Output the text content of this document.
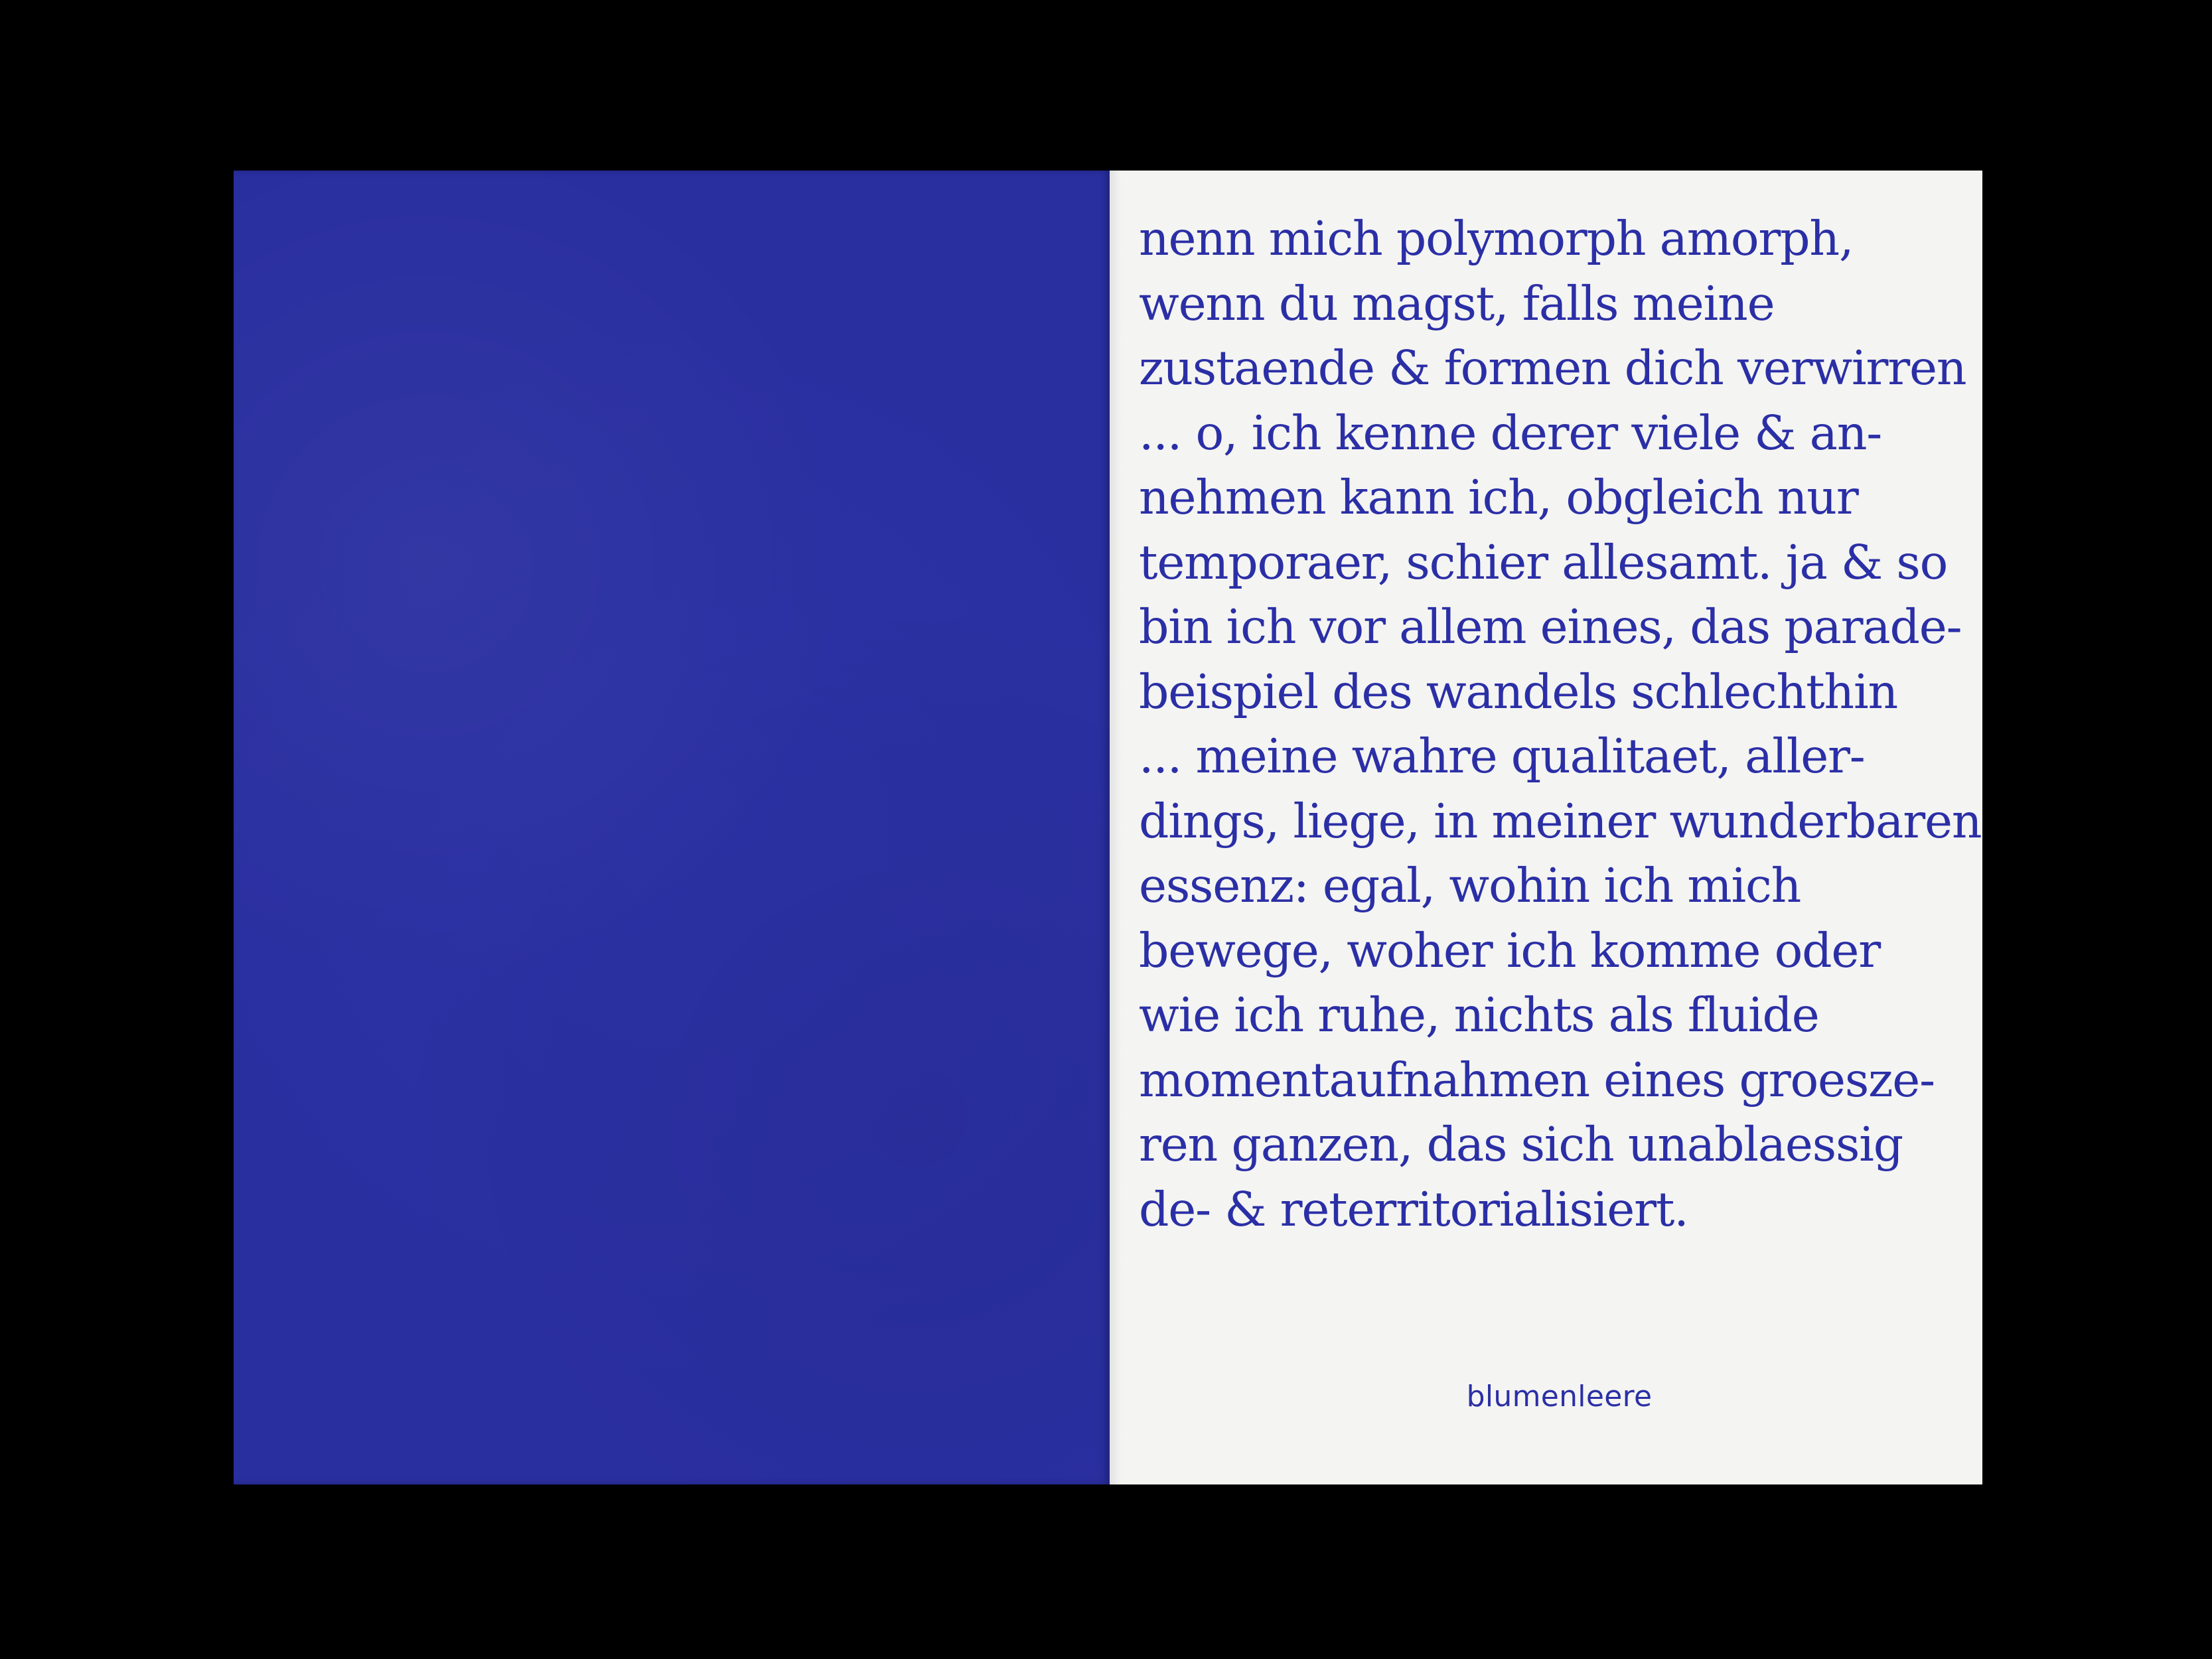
nenn mich polymorph amorph,
wenn du magst, falls meine
zustaende & formen dich verwirren
... o, ich kenne derer viele & an-
nehmen kann ich, obgleich nur
temporaer, schier allesamt. ja & so
bin ich vor allem eines, das parade-
beispiel des wandels schlechthin
... meine wahre qualitaet, aller-
dings, liege, in meiner wunderbaren
essenz: egal, wohin ich mich
bewege, woher ich komme oder
wie ich ruhe, nichts als fluide
momentaufnahmen eines groesze-
ren ganzen, das sich unablaessig
de- & reterritorialisiert.
blumenleere
